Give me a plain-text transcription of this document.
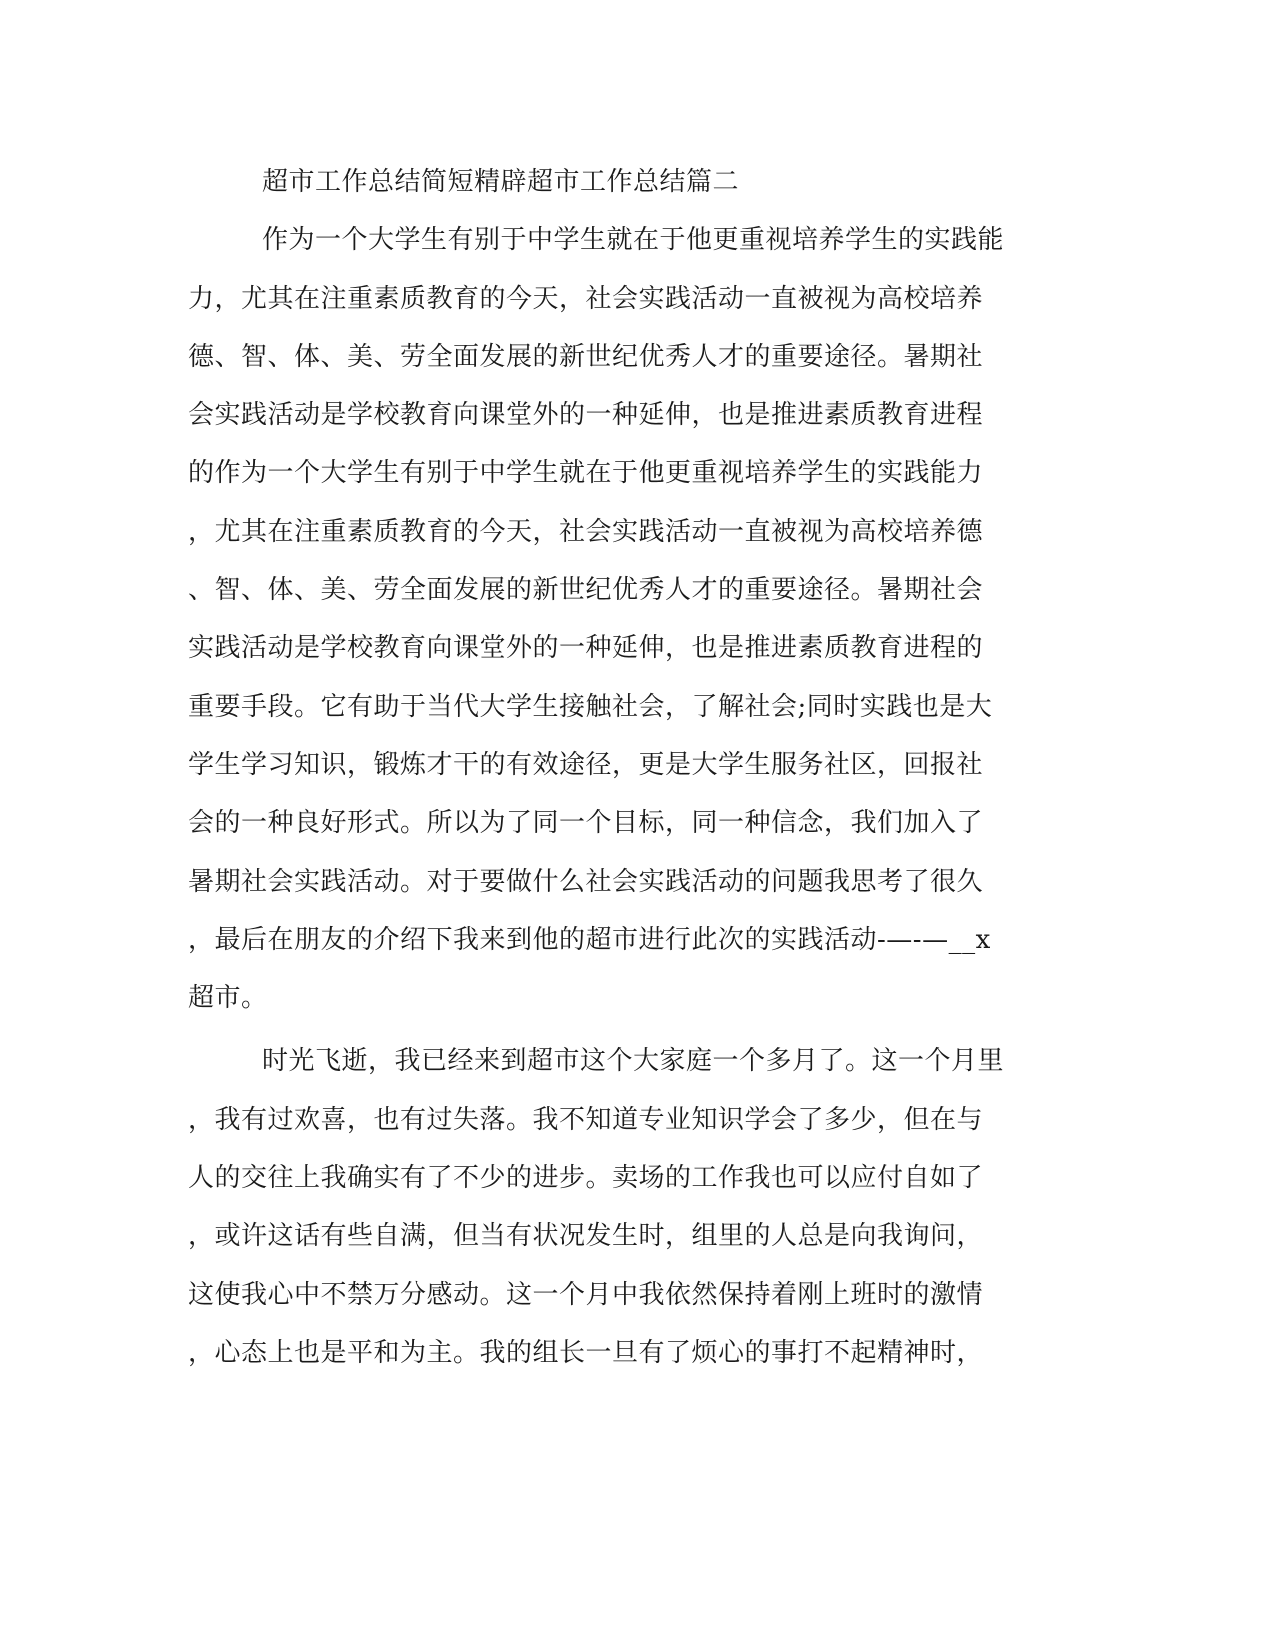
超市工作总结简短精辟超市工作总结篇二
作为一个大学生有别于中学生就在于他更重视培养学生的实践能
力，尤其在注重素质教育的今天，社会实践活动一直被视为高校培养
德、智、体、美、劳全面发展的新世纪优秀人才的重要途径。暑期社
会实践活动是学校教育向课堂外的一种延伸，也是推进素质教育进程
的作为一个大学生有别于中学生就在于他更重视培养学生的实践能力
，尤其在注重素质教育的今天，社会实践活动一直被视为高校培养德
、智、体、美、劳全面发展的新世纪优秀人才的重要途径。暑期社会
实践活动是学校教育向课堂外的一种延伸，也是推进素质教育进程的
重要手段。它有助于当代大学生接触社会，了解社会;同时实践也是大
学生学习知识，锻炼才干的有效途径，更是大学生服务社区，回报社
会的一种良好形式。所以为了同一个目标，同一种信念，我们加入了
暑期社会实践活动。对于要做什么社会实践活动的问题我思考了很久
，最后在朋友的介绍下我来到他的超市进行此次的实践活动-—-—__x
超市。
时光飞逝，我已经来到超市这个大家庭一个多月了。这一个月里
，我有过欢喜，也有过失落。我不知道专业知识学会了多少，但在与
人的交往上我确实有了不少的进步。卖场的工作我也可以应付自如了
，或许这话有些自满，但当有状况发生时，组里的人总是向我询问，
这使我心中不禁万分感动。这一个月中我依然保持着刚上班时的激情
，心态上也是平和为主。我的组长一旦有了烦心的事打不起精神时，
